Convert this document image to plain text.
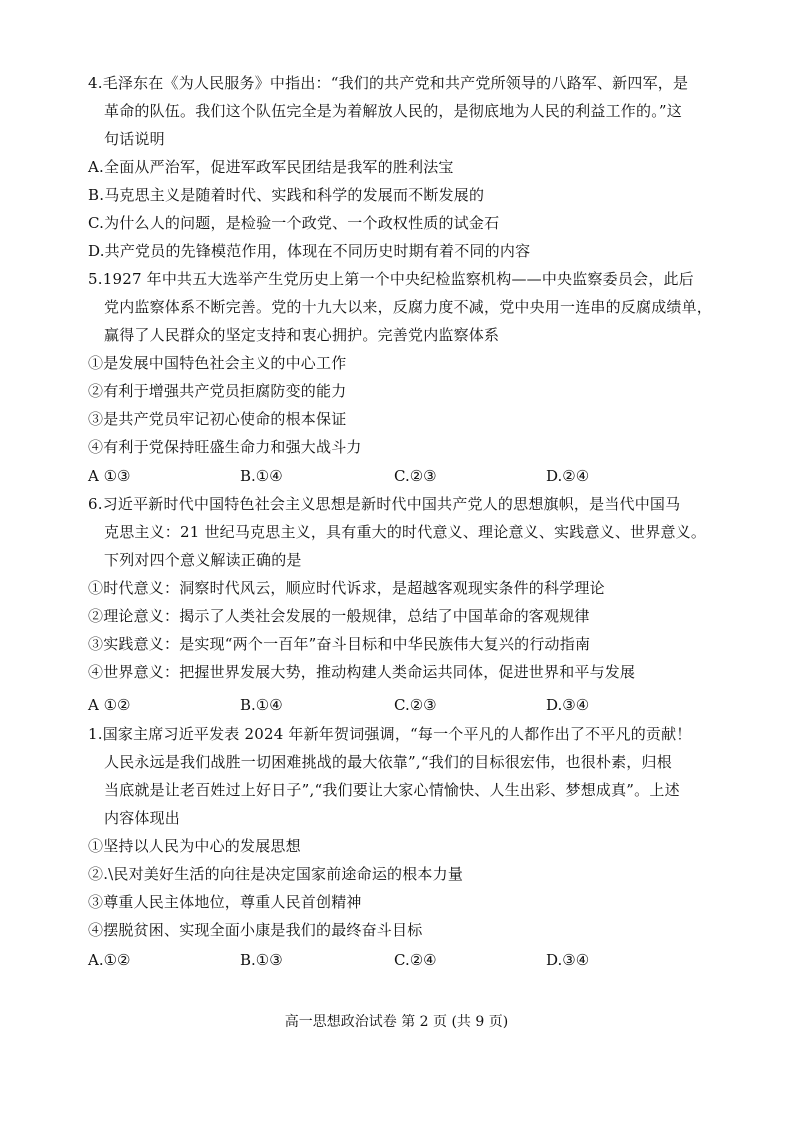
4.毛泽东在《为人民服务》中指出：“我们的共产党和共产党所领导的八路军、新四军，是
革命的队伍。我们这个队伍完全是为着解放人民的，是彻底地为人民的利益工作的。”这
句话说明
A.全面从严治军，促进军政军民团结是我军的胜利法宝
B.马克思主义是随着时代、实践和科学的发展而不断发展的
C.为什么人的问题，是检验一个政党、一个政权性质的试金石
D.共产党员的先锋模范作用，体现在不同历史时期有着不同的内容
5.1927 年中共五大选举产生党历史上第一个中央纪检监察机构——中央监察委员会，此后
党内监察体系不断完善。党的十九大以来，反腐力度不减，党中央用一连串的反腐成绩单，
赢得了人民群众的坚定支持和衷心拥护。完善党内监察体系
①是发展中国特色社会主义的中心工作
②有利于增强共产党员拒腐防变的能力
③是共产党员牢记初心使命的根本保证
④有利于党保持旺盛生命力和强大战斗力
A ①③	B.①④	C.②③	D.②④
6.习近平新时代中国特色社会主义思想是新时代中国共产党人的思想旗帜，是当代中国马
克思主义：21 世纪马克思主义，具有重大的时代意义、理论意义、实践意义、世界意义。
下列对四个意义解读正确的是
①时代意义：洞察时代风云，顺应时代诉求，是超越客观现实条件的科学理论
②理论意义：揭示了人类社会发展的一般规律，总结了中国革命的客观规律
③实践意义：是实现“两个一百年”奋斗目标和中华民族伟大复兴的行动指南
④世界意义：把握世界发展大势，推动构建人类命运共同体，促进世界和平与发展
A ①②	B.①④	C.②③	D.③④
1.国家主席习近平发表 2024 年新年贺词强调，“每一个平凡的人都作出了不平凡的贡献！
人民永远是我们战胜一切困难挑战的最大依靠”,“我们的目标很宏伟，也很朴素，归根
当底就是让老百姓过上好日子”,“我们要让大家心情愉快、人生出彩、梦想成真”。上述
内容体现出
①坚持以人民为中心的发展思想
②.\民对美好生活的向往是决定国家前途命运的根本力量
③尊重人民主体地位，尊重人民首创精神
④摆脱贫困、实现全面小康是我们的最终奋斗目标
A.①②	B.①③	C.②④	D.③④
高一思想政治试卷 第 2 页 (共 9 页)
